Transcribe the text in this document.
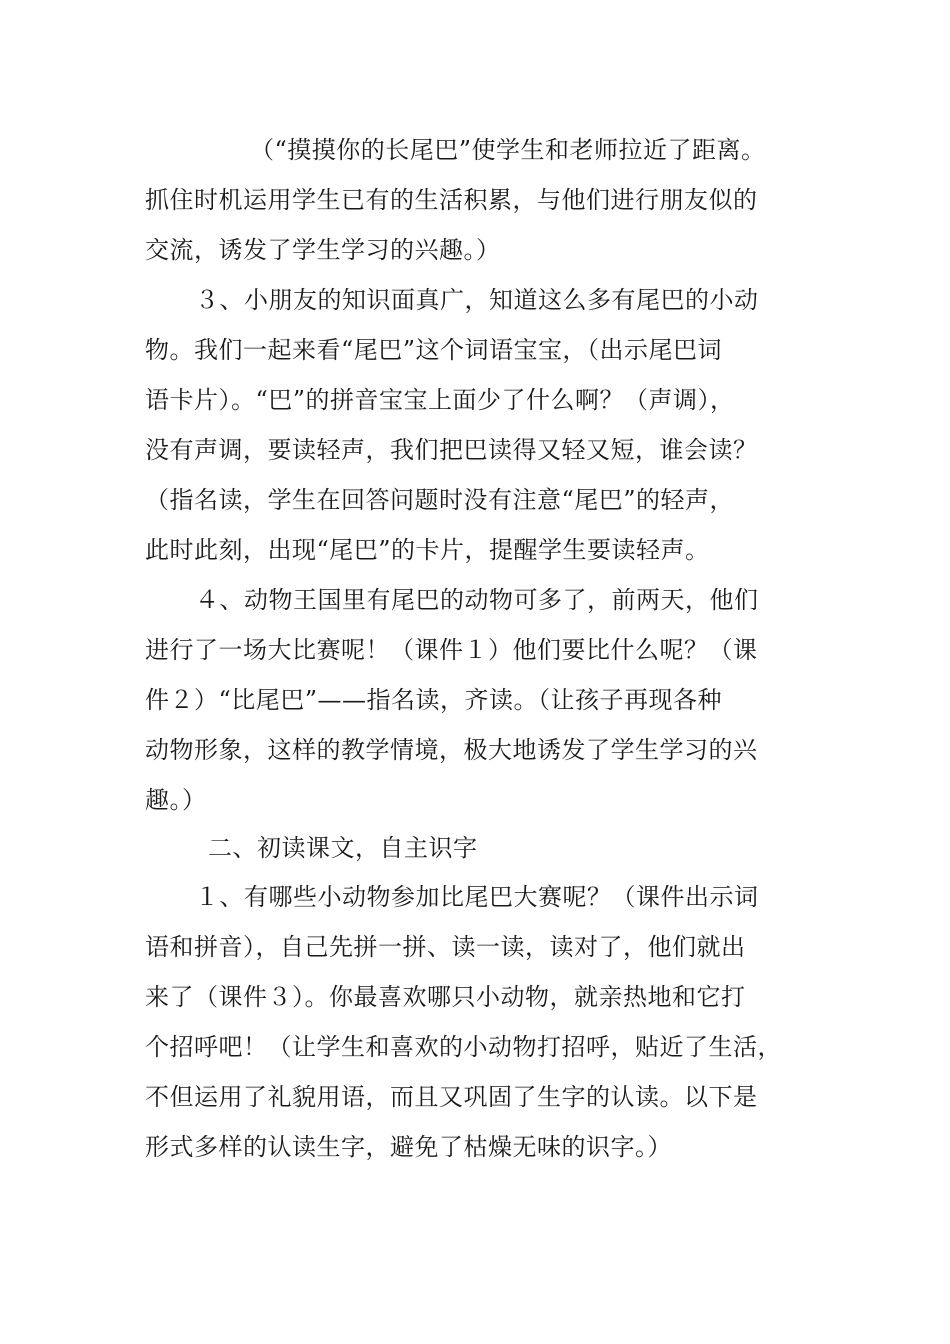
（“摸摸你的长尾巴”使学生和老师拉近了距离。
抓住时机运用学生已有的生活积累，与他们进行朋友似的
交流，诱发了学生学习的兴趣。）
３、小朋友的知识面真广，知道这么多有尾巴的小动
物。我们一起来看“尾巴”这个词语宝宝，（出示尾巴词
语卡片）。“巴”的拼音宝宝上面少了什么啊？（声调），
没有声调，要读轻声，我们把巴读得又轻又短，谁会读？
（指名读，学生在回答问题时没有注意“尾巴”的轻声，
此时此刻，出现“尾巴”的卡片，提醒学生要读轻声。
４、动物王国里有尾巴的动物可多了，前两天，他们
进行了一场大比赛呢！（课件１）他们要比什么呢？（课
件２）“比尾巴”——指名读，齐读。（让孩子再现各种
动物形象，这样的教学情境，极大地诱发了学生学习的兴
趣。）
二、初读课文，自主识字
１、有哪些小动物参加比尾巴大赛呢？（课件出示词
语和拼音），自己先拼一拼、读一读，读对了，他们就出
来了（课件３）。你最喜欢哪只小动物，就亲热地和它打
个招呼吧！（让学生和喜欢的小动物打招呼，贴近了生活，
不但运用了礼貌用语，而且又巩固了生字的认读。以下是
形式多样的认读生字，避免了枯燥无味的识字。）
